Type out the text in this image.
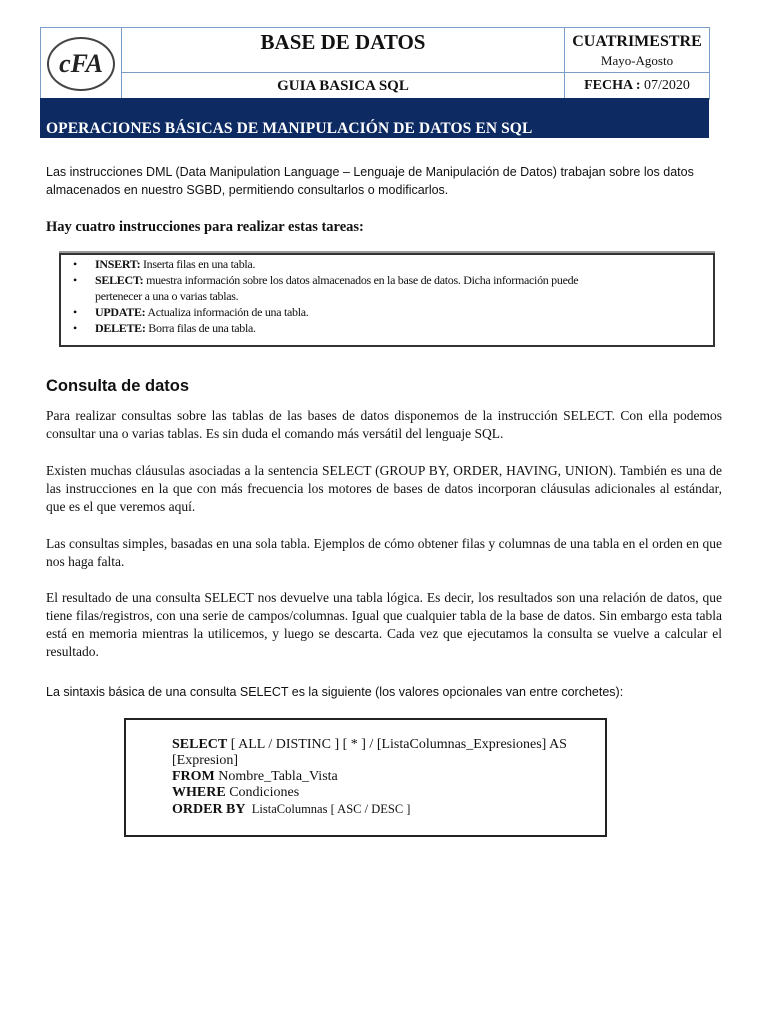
cFA	BASE DE DATOS	CUATRIMESTRE
Mayo-Agosto

	GUIA BASICA SQL	FECHA : 07/2020
OPERACIONES BÁSICAS DE MANIPULACIÓN DE DATOS EN SQL
Las instrucciones DML (Data Manipulation Language – Lenguaje de Manipulación de Datos) trabajan sobre los datos almacenados en nuestro SGBD, permitiendo consultarlos o modificarlos.
Hay cuatro instrucciones para realizar estas tareas:
• INSERT: Inserta filas en una tabla.
• SELECT: muestra información sobre los datos almacenados en la base de datos. Dicha información puede pertenecer a una o varias tablas.
• UPDATE: Actualiza información de una tabla.
• DELETE: Borra filas de una tabla.
Consulta de datos
Para realizar consultas sobre las tablas de las bases de datos disponemos de la instrucción SELECT. Con ella podemos consultar una o varias tablas. Es sin duda el comando más versátil del lenguaje SQL.
Existen muchas cláusulas asociadas a la sentencia SELECT (GROUP BY, ORDER, HAVING, UNION). También es una de las instrucciones en la que con más frecuencia los motores de bases de datos incorporan cláusulas adicionales al estándar, que es el que veremos aquí.
Las consultas simples, basadas en una sola tabla. Ejemplos de cómo obtener filas y columnas de una tabla en el orden en que nos haga falta.
El resultado de una consulta SELECT nos devuelve una tabla lógica. Es decir, los resultados son una relación de datos, que tiene filas/registros, con una serie de campos/columnas. Igual que cualquier tabla de la base de datos. Sin embargo esta tabla está en memoria mientras la utilicemos, y luego se descarta. Cada vez que ejecutamos la consulta se vuelve a calcular el resultado.
La sintaxis básica de una consulta SELECT es la siguiente (los valores opcionales van entre corchetes):
SELECT [ ALL / DISTINC ] [ * ] / [ListaColumnas_Expresiones] AS
[Expresion]
FROM Nombre_Tabla_Vista
WHERE Condiciones
ORDER BY  ListaColumnas [ ASC / DESC ]
